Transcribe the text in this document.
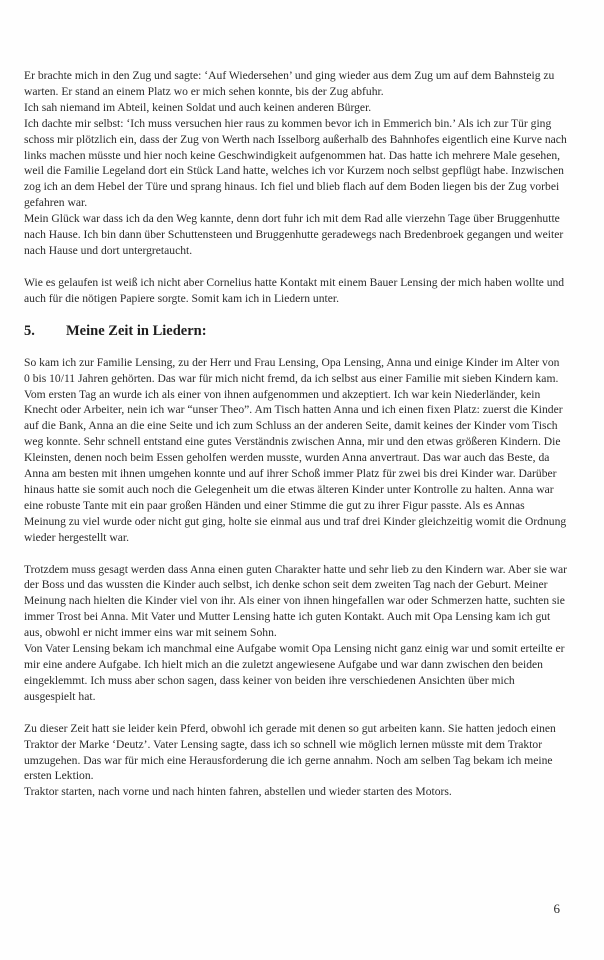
Er brachte mich in den Zug und sagte: ‘Auf Wiedersehen’ und ging wieder aus dem Zug um auf dem Bahnsteig zu warten. Er stand an einem Platz wo er mich sehen konnte, bis der Zug abfuhr.
Ich sah niemand im Abteil, keinen Soldat und auch keinen anderen Bürger.
Ich dachte mir selbst: ‘Ich muss versuchen hier raus zu kommen bevor ich in Emmerich bin.’ Als ich zur Tür ging schoss mir plötzlich ein, dass der Zug von Werth nach Isselborg außerhalb des Bahnhofes eigentlich eine Kurve nach links machen müsste und hier noch keine Geschwindigkeit aufgenommen hat. Das hatte ich mehrere Male gesehen, weil die Familie Legeland dort ein Stück Land hatte, welches ich vor Kurzem noch selbst gepflügt habe. Inzwischen zog ich an dem Hebel der Türe und sprang hinaus. Ich fiel und blieb flach auf dem Boden liegen bis der Zug vorbei gefahren war.
Mein Glück war dass ich da den Weg kannte, denn dort fuhr ich mit dem Rad alle vierzehn Tage über Bruggenhutte nach Hause. Ich bin dann über Schuttensteen und Bruggenhutte geradewegs nach Bredenbroek gegangen und weiter nach Hause und dort untergretaucht.

Wie es gelaufen ist weiß ich nicht aber Cornelius hatte Kontakt mit einem Bauer Lensing der mich haben wollte und auch für die nötigen Papiere sorgte. Somit kam ich in Liedern unter.

5.	Meine Zeit in Liedern:

So kam ich zur Familie Lensing, zu der Herr und Frau Lensing, Opa Lensing, Anna und einige Kinder im Alter von 0 bis 10/11 Jahren gehörten. Das war für mich nicht fremd, da ich selbst aus einer Familie mit sieben Kindern kam. Vom ersten Tag an wurde ich als einer von ihnen aufgenommen und akzeptiert. Ich war kein Niederländer, kein Knecht oder Arbeiter, nein ich war “unser Theo”. Am Tisch hatten Anna und ich einen fixen Platz: zuerst die Kinder auf die Bank, Anna an die eine Seite und ich zum Schluss an der anderen Seite, damit keines der Kinder vom Tisch weg konnte. Sehr schnell entstand eine gutes Verständnis zwischen Anna, mir und den etwas größeren Kindern. Die Kleinsten, denen noch beim Essen geholfen werden musste, wurden Anna anvertraut. Das war auch das Beste, da Anna am besten mit ihnen umgehen konnte und auf ihrer Schoß immer Platz für zwei bis drei Kinder war. Darüber hinaus hatte sie somit auch noch die Gelegenheit um die etwas älteren Kinder unter Kontrolle zu halten. Anna war eine robuste Tante mit ein paar großen Händen und einer Stimme die gut zu ihrer Figur passte. Als es Annas Meinung zu viel wurde oder nicht gut ging, holte sie einmal aus und traf drei Kinder gleichzeitig womit die Ordnung wieder hergestellt war.

Trotzdem muss gesagt werden dass Anna einen guten Charakter hatte und sehr lieb zu den Kindern war. Aber sie war der Boss und das wussten die Kinder auch selbst, ich denke schon seit dem zweiten Tag nach der Geburt. Meiner Meinung nach hielten die Kinder viel von ihr. Als einer von ihnen hingefallen war oder Schmerzen hatte, suchten sie immer Trost bei Anna. Mit Vater und Mutter Lensing hatte ich guten Kontakt. Auch mit Opa Lensing kam ich gut aus, obwohl er nicht immer eins war mit seinem Sohn.
Von Vater Lensing bekam ich manchmal eine Aufgabe womit Opa Lensing nicht ganz einig war und somit erteilte er mir eine andere Aufgabe. Ich hielt mich an die zuletzt angewiesene Aufgabe und war dann zwischen den beiden eingeklemmt. Ich muss aber schon sagen, dass keiner von beiden ihre verschiedenen Ansichten über mich ausgespielt hat.

Zu dieser Zeit hatt sie leider kein Pferd, obwohl ich gerade mit denen so gut arbeiten kann. Sie hatten jedoch einen Traktor der Marke ‘Deutz’. Vater Lensing sagte, dass ich so schnell wie möglich lernen müsste mit dem Traktor umzugehen. Das war für mich eine Herausforderung die ich gerne annahm. Noch am selben Tag bekam ich meine ersten Lektion.
Traktor starten, nach vorne und nach hinten fahren, abstellen und wieder starten des Motors.

6
